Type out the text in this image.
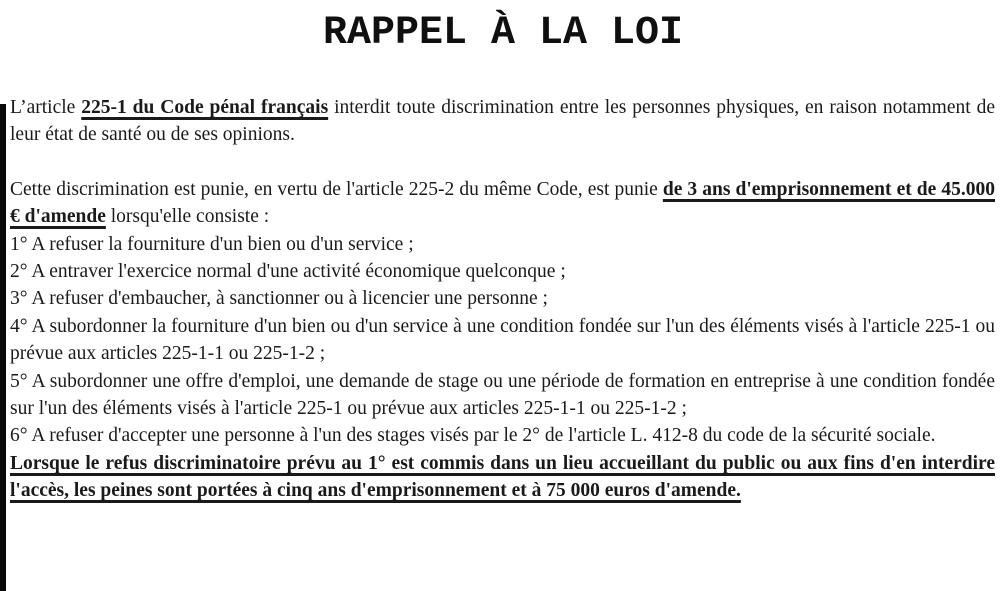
RAPPEL À LA LOI

L’article 225-1 du Code pénal français interdit toute discrimination entre les personnes physiques, en raison notamment de leur état de santé ou de ses opinions.

Cette discrimination est punie, en vertu de l'article 225-2 du même Code, est punie de 3 ans d'emprisonnement et de 45.000 € d'amende lorsqu'elle consiste :

1° A refuser la fourniture d'un bien ou d'un service ;

2° A entraver l'exercice normal d'une activité économique quelconque ;

3° A refuser d'embaucher, à sanctionner ou à licencier une personne ;

4° A subordonner la fourniture d'un bien ou d'un service à une condition fondée sur l'un des éléments visés à l'article 225-1 ou prévue aux articles 225-1-1 ou 225-1-2 ;

5° A subordonner une offre d'emploi, une demande de stage ou une période de formation en entreprise à une condition fondée sur l'un des éléments visés à l'article 225-1 ou prévue aux articles 225-1-1 ou 225-1-2 ;

6° A refuser d'accepter une personne à l'un des stages visés par le 2° de l'article L. 412-8 du code de la sécurité sociale.

Lorsque le refus discriminatoire prévu au 1° est commis dans un lieu accueillant du public ou aux fins d'en interdire l'accès, les peines sont portées à cinq ans d'emprisonnement et à 75 000 euros d'amende.
